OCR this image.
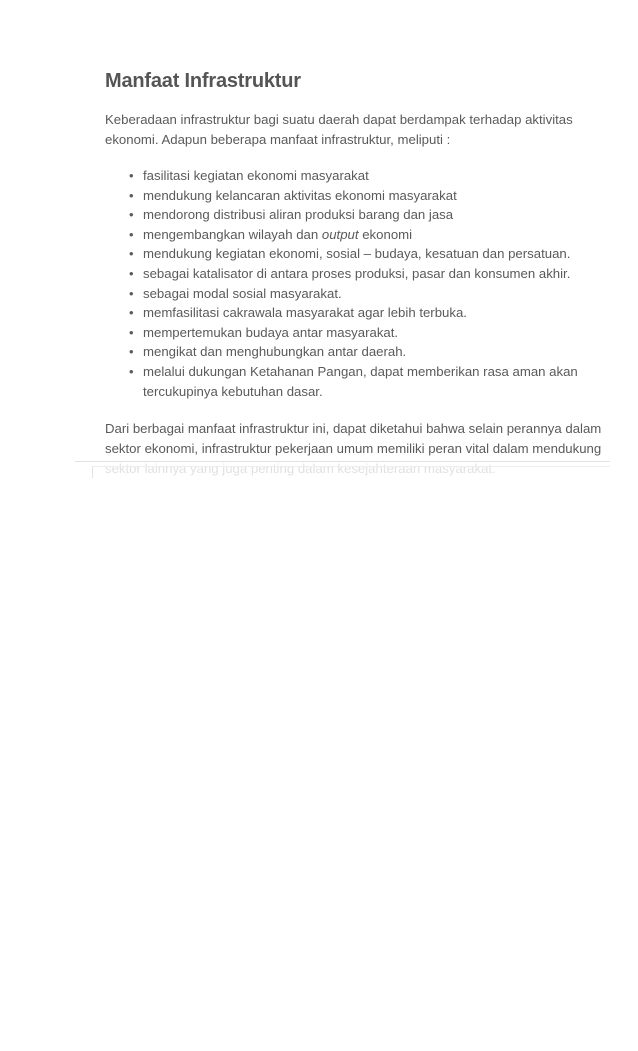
Manfaat Infrastruktur

Keberadaan infrastruktur bagi suatu daerah dapat berdampak terhadap aktivitas ekonomi. Adapun beberapa manfaat infrastruktur, meliputi :

• fasilitasi kegiatan ekonomi masyarakat
• mendukung kelancaran aktivitas ekonomi masyarakat
• mendorong distribusi aliran produksi barang dan jasa
• mengembangkan wilayah dan output ekonomi
• mendukung kegiatan ekonomi, sosial – budaya, kesatuan dan persatuan.
• sebagai katalisator di antara proses produksi, pasar dan konsumen akhir.
• sebagai modal sosial masyarakat.
• memfasilitasi cakrawala masyarakat agar lebih terbuka.
• mempertemukan budaya antar masyarakat.
• mengikat dan menghubungkan antar daerah.
• melalui dukungan Ketahanan Pangan, dapat memberikan rasa aman akan tercukupinya kebutuhan dasar.

Dari berbagai manfaat infrastruktur ini, dapat diketahui bahwa selain perannya dalam sektor ekonomi, infrastruktur pekerjaan umum memiliki peran vital dalam mendukung
sektor lainnya yang juga penting dalam kesejahteraan masyarakat.
